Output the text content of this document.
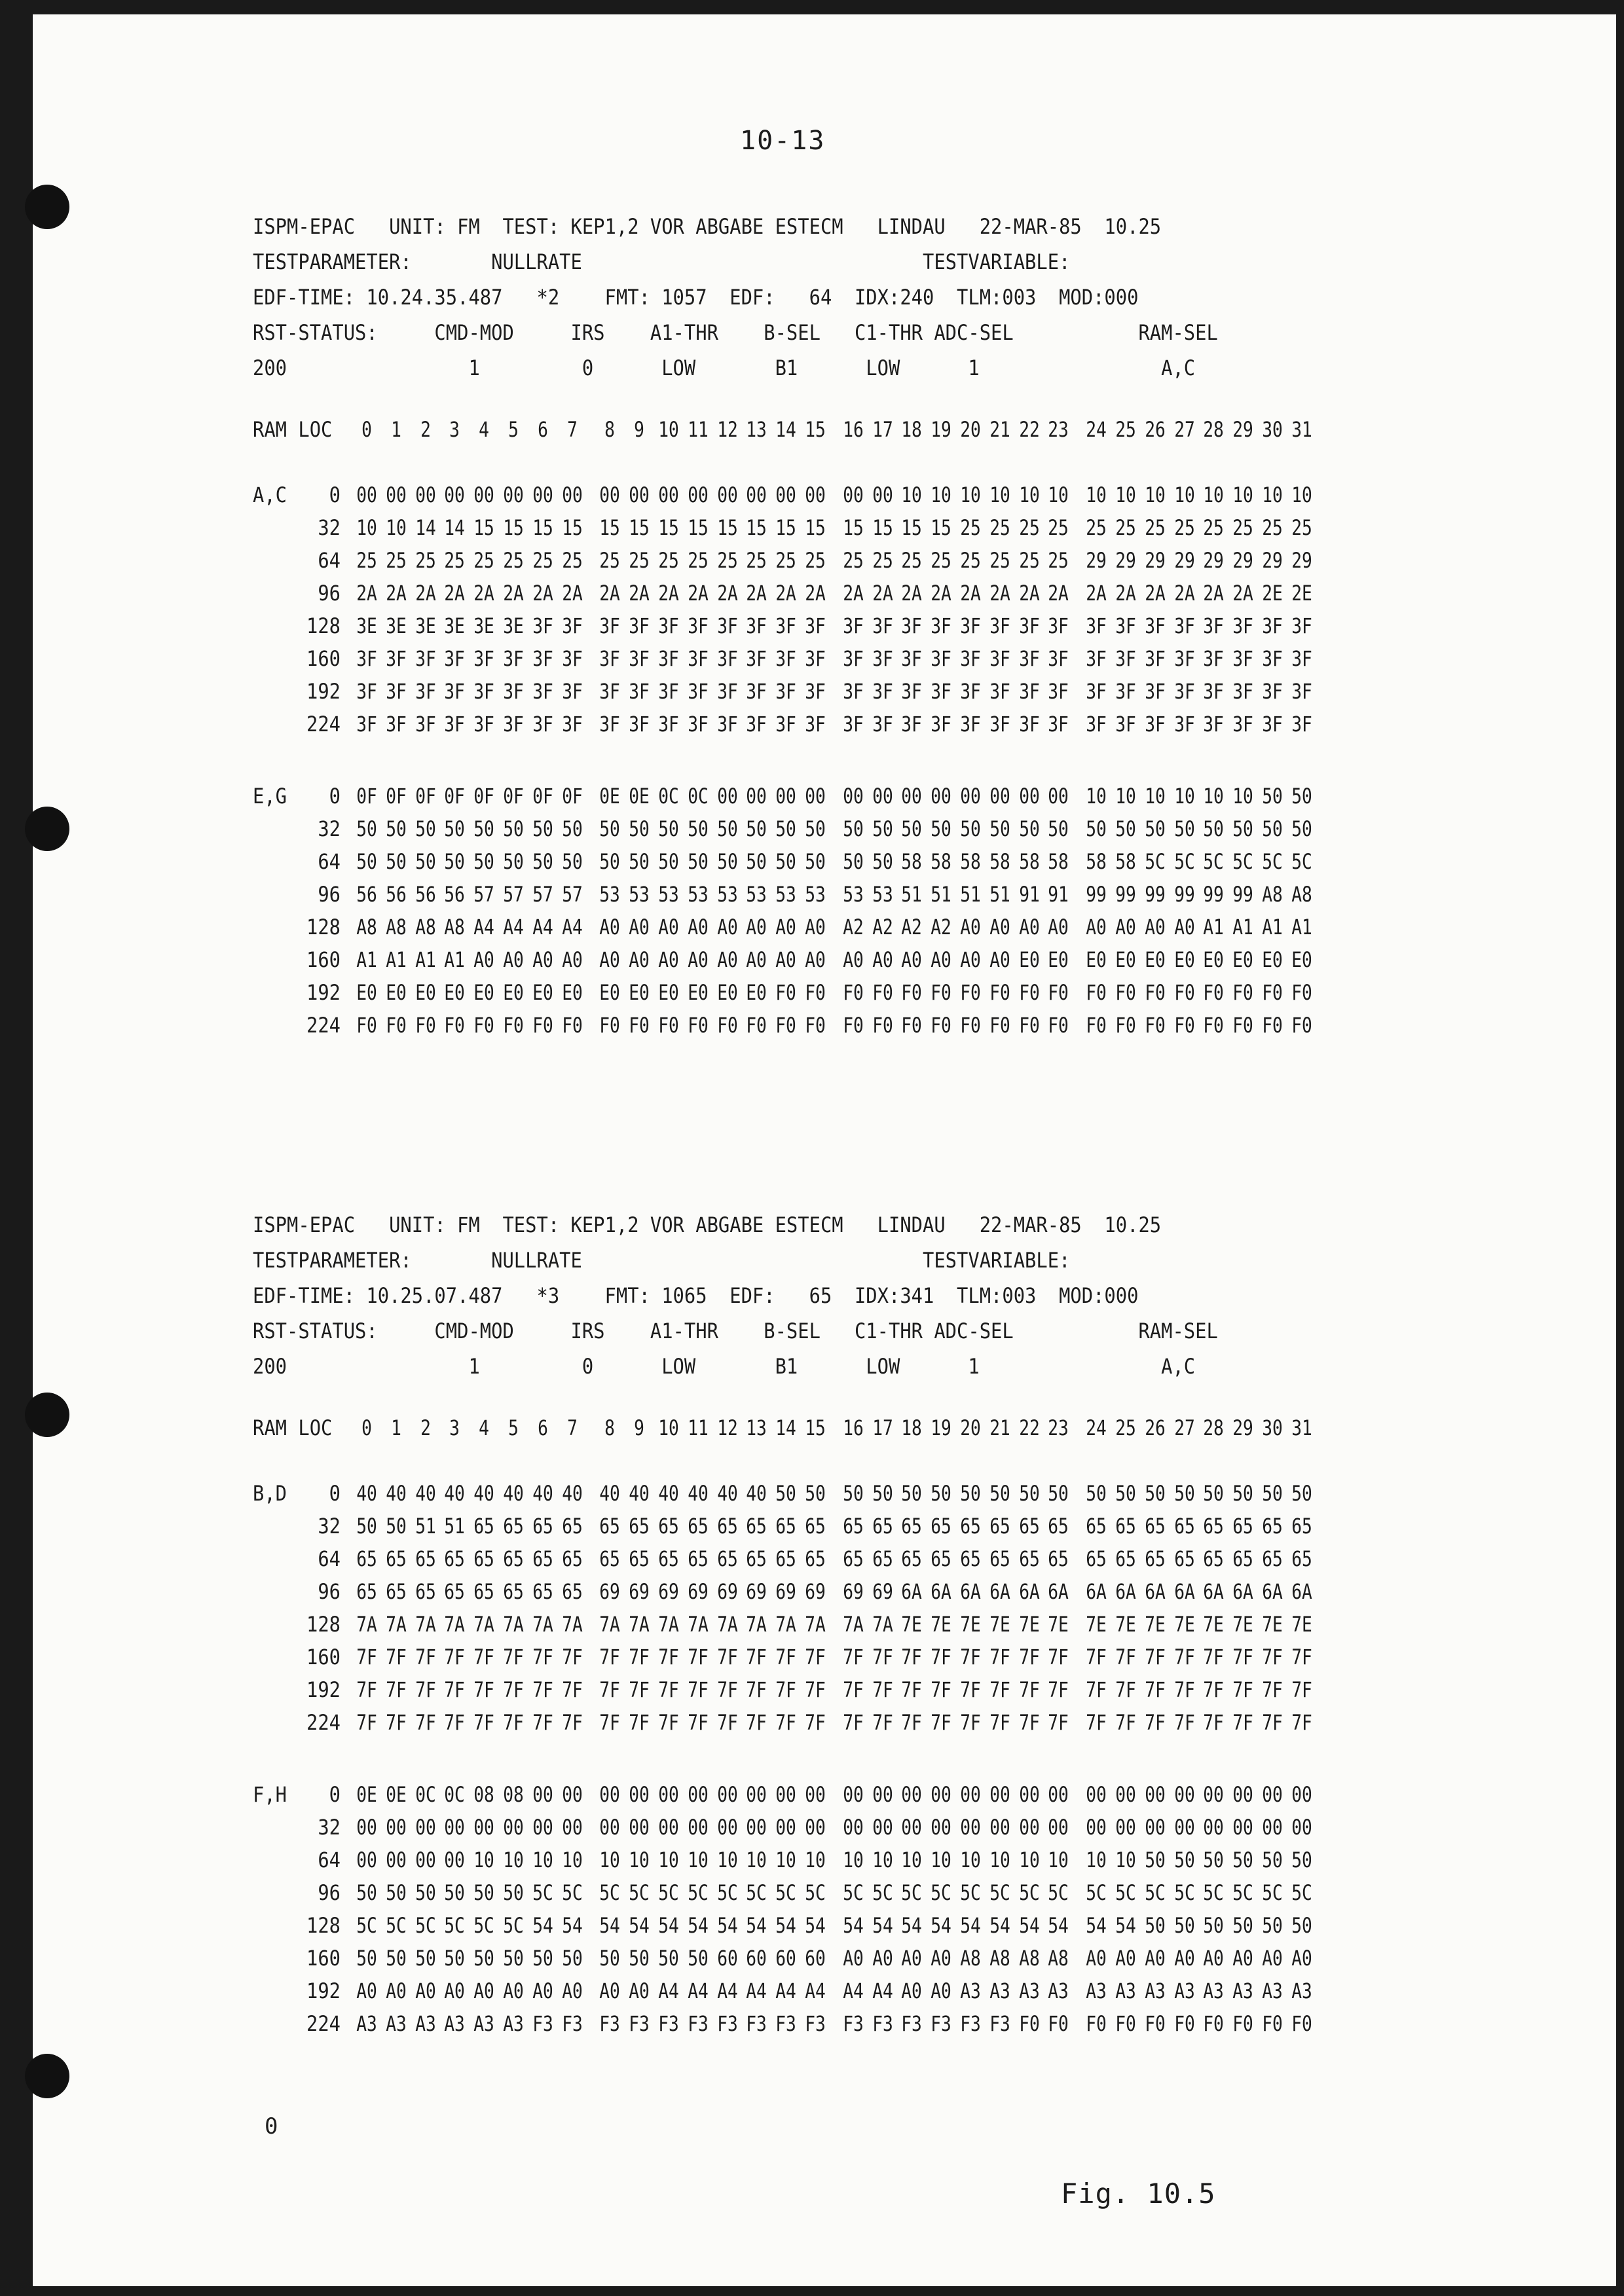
10-13
ISPM-EPAC   UNIT: FM  TEST: KEP1,2 VOR ABGABE ESTECM   LINDAU   22-MAR-85  10.25
TESTPARAMETER:       NULLRATE                              TESTVARIABLE:
EDF-TIME: 10.24.35.487   *2    FMT: 1057  EDF:   64  IDX:240  TLM:003  MOD:000
RST-STATUS:     CMD-MOD     IRS    A1-THR    B-SEL   C1-THR ADC-SEL           RAM-SEL
200                1         0      LOW       B1      LOW      1                A,C
RAM LOC	0 1 2 3 4 5 6 7	8 9 10 11 12 13 14 15 16 17 18 19 20 21 22 23 24 25 26 27 28 29 30 31
A,C	0 00 00 00 00 00 00 00 00 00 00 00 00 00 00 00 00 00 00 10 10 10 10 10 10 10 10 10 10 10 10 10 10
32 10 10 14 14 15 15 15 15 15 15 15 15 15 15 15 15 15 15 15 15 25 25 25 25 25 25 25 25 25 25 25 25
64 25 25 25 25 25 25 25 25 25 25 25 25 25 25 25 25 25 25 25 25 25 25 25 25 29 29 29 29 29 29 29 29
96 2A 2A 2A 2A 2A 2A 2A 2A 2A 2A 2A 2A 2A 2A 2A 2A 2A 2A 2A 2A 2A 2A 2A 2A 2A 2A 2A 2A 2A 2A 2E 2E
128 3E 3E 3E 3E 3E 3E 3F 3F 3F 3F 3F 3F 3F 3F 3F 3F 3F 3F 3F 3F 3F 3F 3F 3F 3F 3F 3F 3F 3F 3F 3F 3F
160 3F 3F 3F 3F 3F 3F 3F 3F 3F 3F 3F 3F 3F 3F 3F 3F 3F 3F 3F 3F 3F 3F 3F 3F 3F 3F 3F 3F 3F 3F 3F 3F
192 3F 3F 3F 3F 3F 3F 3F 3F 3F 3F 3F 3F 3F 3F 3F 3F 3F 3F 3F 3F 3F 3F 3F 3F 3F 3F 3F 3F 3F 3F 3F 3F
224 3F 3F 3F 3F 3F 3F 3F 3F 3F 3F 3F 3F 3F 3F 3F 3F 3F 3F 3F 3F 3F 3F 3F 3F 3F 3F 3F 3F 3F 3F 3F 3F
E,G	0 0F 0F 0F 0F 0F 0F 0F 0F 0E 0E 0C 0C 00 00 00 00 00 00 00 00 00 00 00 00 10 10 10 10 10 10 50 50
32 50 50 50 50 50 50 50 50 50 50 50 50 50 50 50 50 50 50 50 50 50 50 50 50 50 50 50 50 50 50 50 50
64 50 50 50 50 50 50 50 50 50 50 50 50 50 50 50 50 50 50 58 58 58 58 58 58 58 58 5C 5C 5C 5C 5C 5C
96 56 56 56 56 57 57 57 57 53 53 53 53 53 53 53 53 53 53 51 51 51 51 91 91 99 99 99 99 99 99 A8 A8
128 A8 A8 A8 A8 A4 A4 A4 A4 A0 A0 A0 A0 A0 A0 A0 A0 A2 A2 A2 A2 A0 A0 A0 A0 A0 A0 A0 A0 A1 A1 A1 A1
160 A1 A1 A1 A1 A0 A0 A0 A0 A0 A0 A0 A0 A0 A0 A0 A0 A0 A0 A0 A0 A0 A0 E0 E0 E0 E0 E0 E0 E0 E0 E0 E0
192 E0 E0 E0 E0 E0 E0 E0 E0 E0 E0 E0 E0 E0 E0 F0 F0 F0 F0 F0 F0 F0 F0 F0 F0 F0 F0 F0 F0 F0 F0 F0 F0
224 F0 F0 F0 F0 F0 F0 F0 F0 F0 F0 F0 F0 F0 F0 F0 F0 F0 F0 F0 F0 F0 F0 F0 F0 F0 F0 F0 F0 F0 F0 F0 F0
ISPM-EPAC   UNIT: FM  TEST: KEP1,2 VOR ABGABE ESTECM   LINDAU   22-MAR-85  10.25
TESTPARAMETER:       NULLRATE                              TESTVARIABLE:
EDF-TIME: 10.25.07.487   *3    FMT: 1065  EDF:   65  IDX:341  TLM:003  MOD:000
RST-STATUS:     CMD-MOD     IRS    A1-THR    B-SEL   C1-THR ADC-SEL           RAM-SEL
200                1         0      LOW       B1      LOW      1                A,C
RAM LOC	0 1 2 3 4 5 6 7	8 9 10 11 12 13 14 15 16 17 18 19 20 21 22 23 24 25 26 27 28 29 30 31
B,D	0 40 40 40 40 40 40 40 40 40 40 40 40 40 40 50 50 50 50 50 50 50 50 50 50 50 50 50 50 50 50 50 50
32 50 50 51 51 65 65 65 65 65 65 65 65 65 65 65 65 65 65 65 65 65 65 65 65 65 65 65 65 65 65 65 65
64 65 65 65 65 65 65 65 65 65 65 65 65 65 65 65 65 65 65 65 65 65 65 65 65 65 65 65 65 65 65 65 65
96 65 65 65 65 65 65 65 65 69 69 69 69 69 69 69 69 69 69 6A 6A 6A 6A 6A 6A 6A 6A 6A 6A 6A 6A 6A 6A
128 7A 7A 7A 7A 7A 7A 7A 7A 7A 7A 7A 7A 7A 7A 7A 7A 7A 7A 7E 7E 7E 7E 7E 7E 7E 7E 7E 7E 7E 7E 7E 7E
160 7F 7F 7F 7F 7F 7F 7F 7F 7F 7F 7F 7F 7F 7F 7F 7F 7F 7F 7F 7F 7F 7F 7F 7F 7F 7F 7F 7F 7F 7F 7F 7F
192 7F 7F 7F 7F 7F 7F 7F 7F 7F 7F 7F 7F 7F 7F 7F 7F 7F 7F 7F 7F 7F 7F 7F 7F 7F 7F 7F 7F 7F 7F 7F 7F
224 7F 7F 7F 7F 7F 7F 7F 7F 7F 7F 7F 7F 7F 7F 7F 7F 7F 7F 7F 7F 7F 7F 7F 7F 7F 7F 7F 7F 7F 7F 7F 7F
F,H	0 0E 0E 0C 0C 08 08 00 00 00 00 00 00 00 00 00 00 00 00 00 00 00 00 00 00 00 00 00 00 00 00 00 00
32 00 00 00 00 00 00 00 00 00 00 00 00 00 00 00 00 00 00 00 00 00 00 00 00 00 00 00 00 00 00 00 00
64 00 00 00 00 10 10 10 10 10 10 10 10 10 10 10 10 10 10 10 10 10 10 10 10 10 10 50 50 50 50 50 50
96 50 50 50 50 50 50 5C 5C 5C 5C 5C 5C 5C 5C 5C 5C 5C 5C 5C 5C 5C 5C 5C 5C 5C 5C 5C 5C 5C 5C 5C 5C
128 5C 5C 5C 5C 5C 5C 54 54 54 54 54 54 54 54 54 54 54 54 54 54 54 54 54 54 54 54 50 50 50 50 50 50
160 50 50 50 50 50 50 50 50 50 50 50 50 60 60 60 60 A0 A0 A0 A0 A8 A8 A8 A8 A0 A0 A0 A0 A0 A0 A0 A0
192 A0 A0 A0 A0 A0 A0 A0 A0 A0 A0 A4 A4 A4 A4 A4 A4 A4 A4 A0 A0 A3 A3 A3 A3 A3 A3 A3 A3 A3 A3 A3 A3
224 A3 A3 A3 A3 A3 A3 F3 F3 F3 F3 F3 F3 F3 F3 F3 F3 F3 F3 F3 F3 F3 F3 F0 F0 F0 F0 F0 F0 F0 F0 F0 F0
0
Fig. 10.5
